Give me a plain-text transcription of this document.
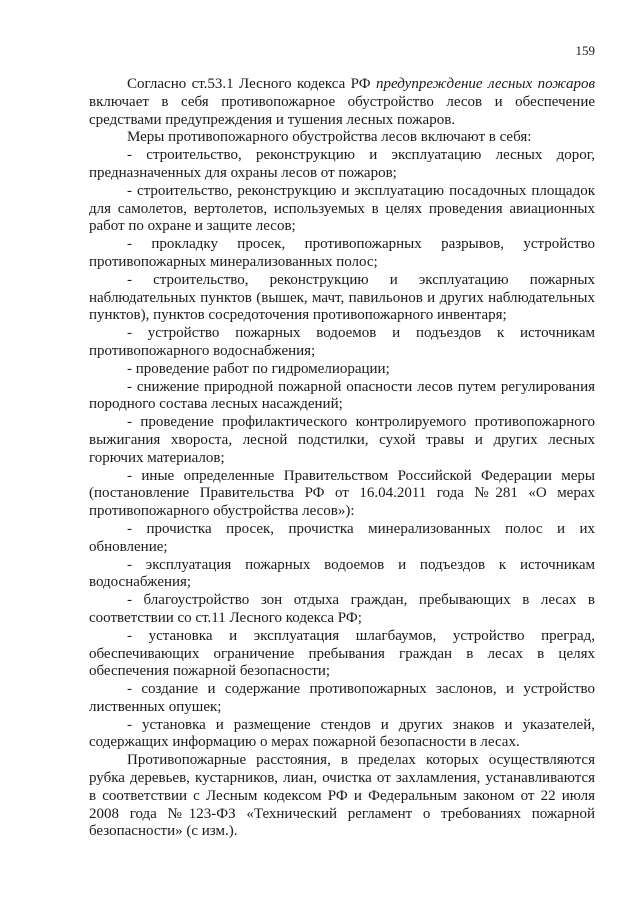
159

Согласно ст.53.1 Лесного кодекса РФ предупреждение лесных пожаров включает в себя противопожарное обустройство лесов и обеспечение средствами предупреждения и тушения лесных пожаров.

Меры противопожарного обустройства лесов включают в себя:

- строительство, реконструкцию и эксплуатацию лесных дорог, предназначенных для охраны лесов от пожаров;

- строительство, реконструкцию и эксплуатацию посадочных площадок для самолетов, вертолетов, используемых в целях проведения авиационных работ по охране и защите лесов;

- прокладку просек, противопожарных разрывов, устройство противопожарных минерализованных полос;

- строительство, реконструкцию и эксплуатацию пожарных наблюдательных пунктов (вышек, мачт, павильонов и других наблюдательных пунктов), пунктов сосредоточения противопожарного инвентаря;

- устройство пожарных водоемов и подъездов к источникам противопожарного водоснабжения;

- проведение работ по гидромелиорации;

- снижение природной пожарной опасности лесов путем регулирования породного состава лесных насаждений;

- проведение профилактического контролируемого противопожарного выжигания хвороста, лесной подстилки, сухой травы и других лесных горючих материалов;

- иные определенные Правительством Российской Федерации меры (постановление Правительства РФ от 16.04.2011 года №281 «О мерах противопожарного обустройства лесов»):

- прочистка просек, прочистка минерализованных полос и их обновление;

- эксплуатация пожарных водоемов и подъездов к источникам водоснабжения;

- благоустройство зон отдыха граждан, пребывающих в лесах в соответствии со ст.11 Лесного кодекса РФ;

- установка и эксплуатация шлагбаумов, устройство преград, обеспечивающих ограничение пребывания граждан в лесах в целях обеспечения пожарной безопасности;

- создание и содержание противопожарных заслонов, и устройство лиственных опушек;

- установка и размещение стендов и других знаков и указателей, содержащих информацию о мерах пожарной безопасности в лесах.

Противопожарные расстояния, в пределах которых осуществляются рубка деревьев, кустарников, лиан, очистка от захламления, устанавливаются в соответствии с Лесным кодексом РФ и Федеральным законом от 22 июля 2008 года №123-ФЗ «Технический регламент о требованиях пожарной безопасности» (с изм.).
